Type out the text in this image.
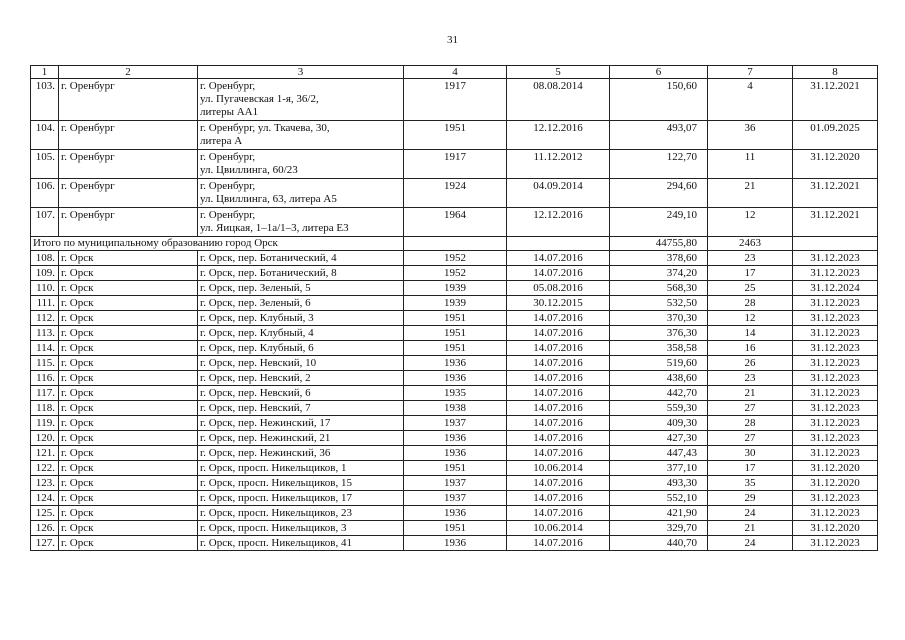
31
1	2	3	4	5	6	7	8
103.	г. Оренбург	г. Оренбург,
ул. Пугачевская 1-я, 36/2,
литеры АА1	1917	08.08.2014	150,60	4	31.12.2021
104.	г. Оренбург	г. Оренбург, ул. Ткачева, 30,
литера А	1951	12.12.2016	493,07	36	01.09.2025
105.	г. Оренбург	г. Оренбург,
ул. Цвиллинга, 60/23	1917	11.12.2012	122,70	11	31.12.2020
106.	г. Оренбург	г. Оренбург,
ул. Цвиллинга, 63, литера А5	1924	04.09.2014	294,60	21	31.12.2021
107.	г. Оренбург	г. Оренбург,
ул. Яицкая, 1–1а/1–3, литера Е3	1964	12.12.2016	249,10	12	31.12.2021
Итого по муниципальному образованию город Орск					44755,80	2463	
108.	г. Орск	г. Орск, пер. Ботанический, 4	1952	14.07.2016	378,60	23	31.12.2023
109.	г. Орск	г. Орск, пер. Ботанический, 8	1952	14.07.2016	374,20	17	31.12.2023
110.	г. Орск	г. Орск, пер. Зеленый, 5	1939	05.08.2016	568,30	25	31.12.2024
111.	г. Орск	г. Орск, пер. Зеленый, 6	1939	30.12.2015	532,50	28	31.12.2023
112.	г. Орск	г. Орск, пер. Клубный, 3	1951	14.07.2016	370,30	12	31.12.2023
113.	г. Орск	г. Орск, пер. Клубный, 4	1951	14.07.2016	376,30	14	31.12.2023
114.	г. Орск	г. Орск, пер. Клубный, 6	1951	14.07.2016	358,58	16	31.12.2023
115.	г. Орск	г. Орск, пер. Невский, 10	1936	14.07.2016	519,60	26	31.12.2023
116.	г. Орск	г. Орск, пер. Невский, 2	1936	14.07.2016	438,60	23	31.12.2023
117.	г. Орск	г. Орск, пер. Невский, 6	1935	14.07.2016	442,70	21	31.12.2023
118.	г. Орск	г. Орск, пер. Невский, 7	1938	14.07.2016	559,30	27	31.12.2023
119.	г. Орск	г. Орск, пер. Нежинский, 17	1937	14.07.2016	409,30	28	31.12.2023
120.	г. Орск	г. Орск, пер. Нежинский, 21	1936	14.07.2016	427,30	27	31.12.2023
121.	г. Орск	г. Орск, пер. Нежинский, 36	1936	14.07.2016	447,43	30	31.12.2023
122.	г. Орск	г. Орск, просп. Никельщиков, 1	1951	10.06.2014	377,10	17	31.12.2020
123.	г. Орск	г. Орск, просп. Никельщиков, 15	1937	14.07.2016	493,30	35	31.12.2020
124.	г. Орск	г. Орск, просп. Никельщиков, 17	1937	14.07.2016	552,10	29	31.12.2023
125.	г. Орск	г. Орск, просп. Никельщиков, 23	1936	14.07.2016	421,90	24	31.12.2023
126.	г. Орск	г. Орск, просп. Никельщиков, 3	1951	10.06.2014	329,70	21	31.12.2020
127.	г. Орск	г. Орск, просп. Никельщиков, 41	1936	14.07.2016	440,70	24	31.12.2023
